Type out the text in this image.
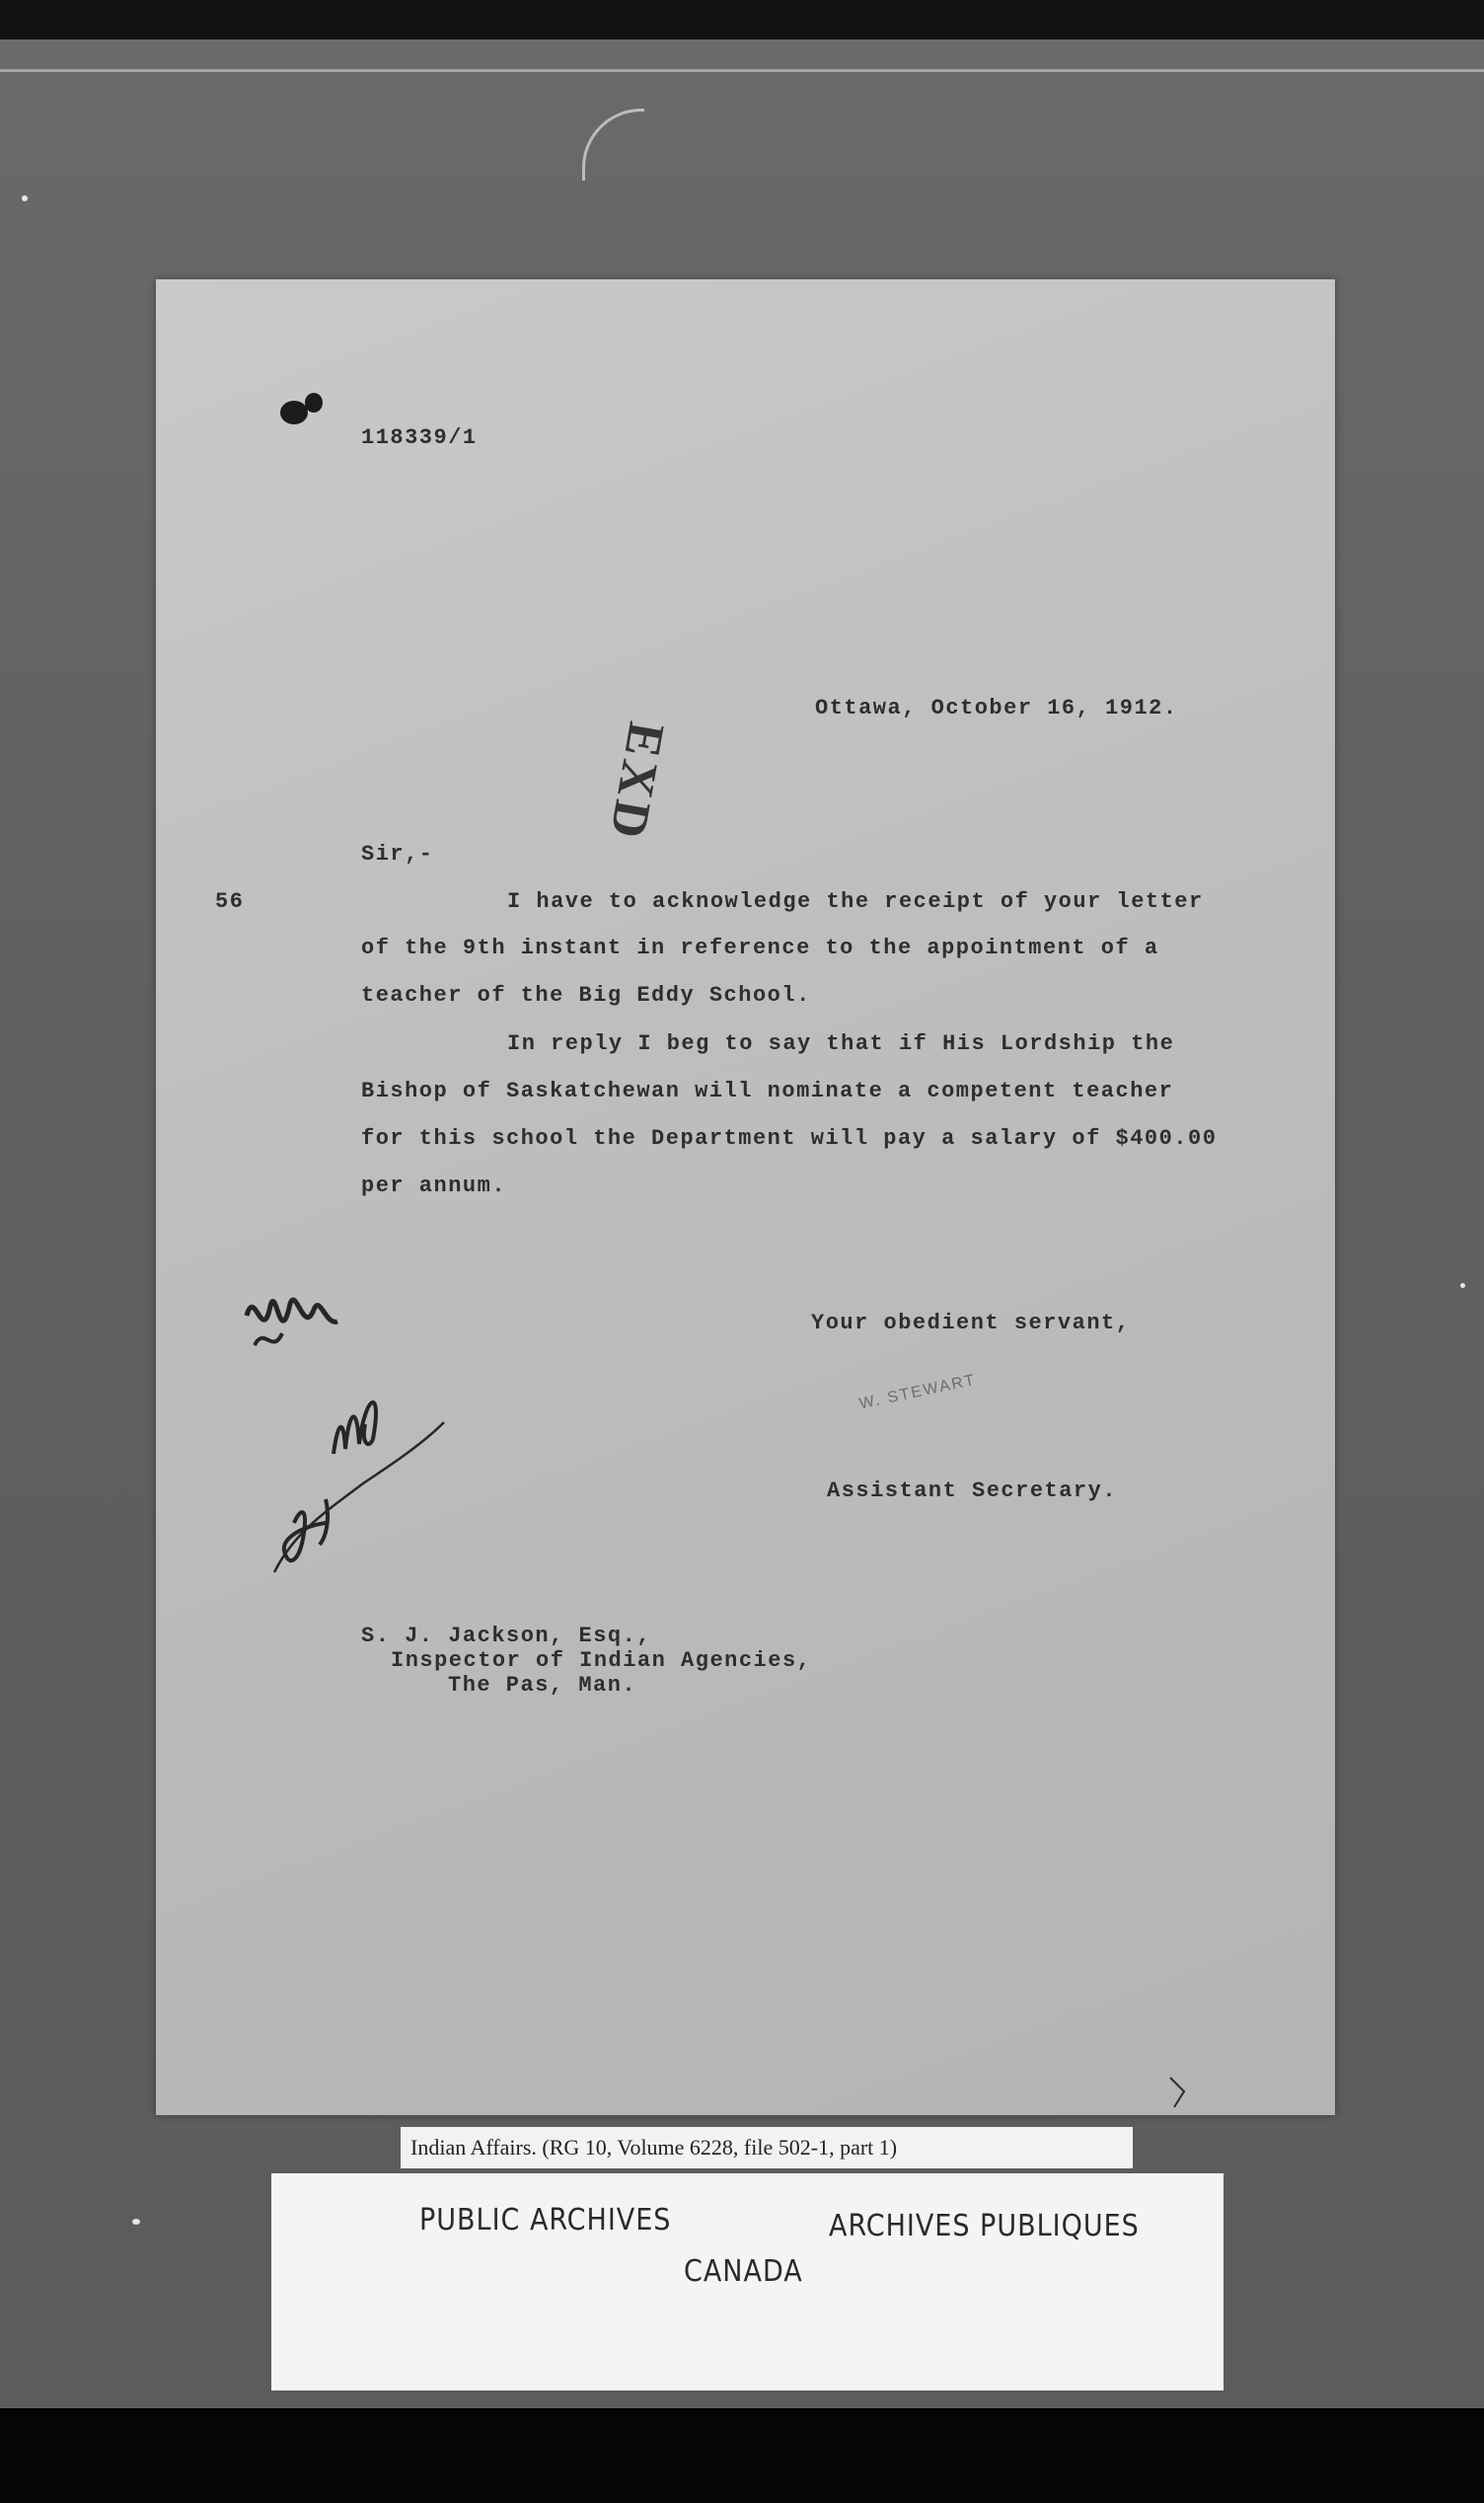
118339/1
Ottawa, October 16, 1912.
Sir,-
56	I have to acknowledge the receipt of your letter
of the 9th instant in reference to the appointment of a
teacher of the Big Eddy School.
In reply I beg to say that if His Lordship the
Bishop of Saskatchewan will nominate a competent teacher
for this school the Department will pay a salary of $400.00
per annum.
Your obedient servant,
Assistant Secretary.
S. J. Jackson, Esq.,
Inspector of Indian Agencies,
The Pas, Man.
W. STEWART
Indian Affairs. (RG 10, Volume 6228, file 502-1, part 1)
PUBLIC ARCHIVES	ARCHIVES PUBLIQUES
CANADA
